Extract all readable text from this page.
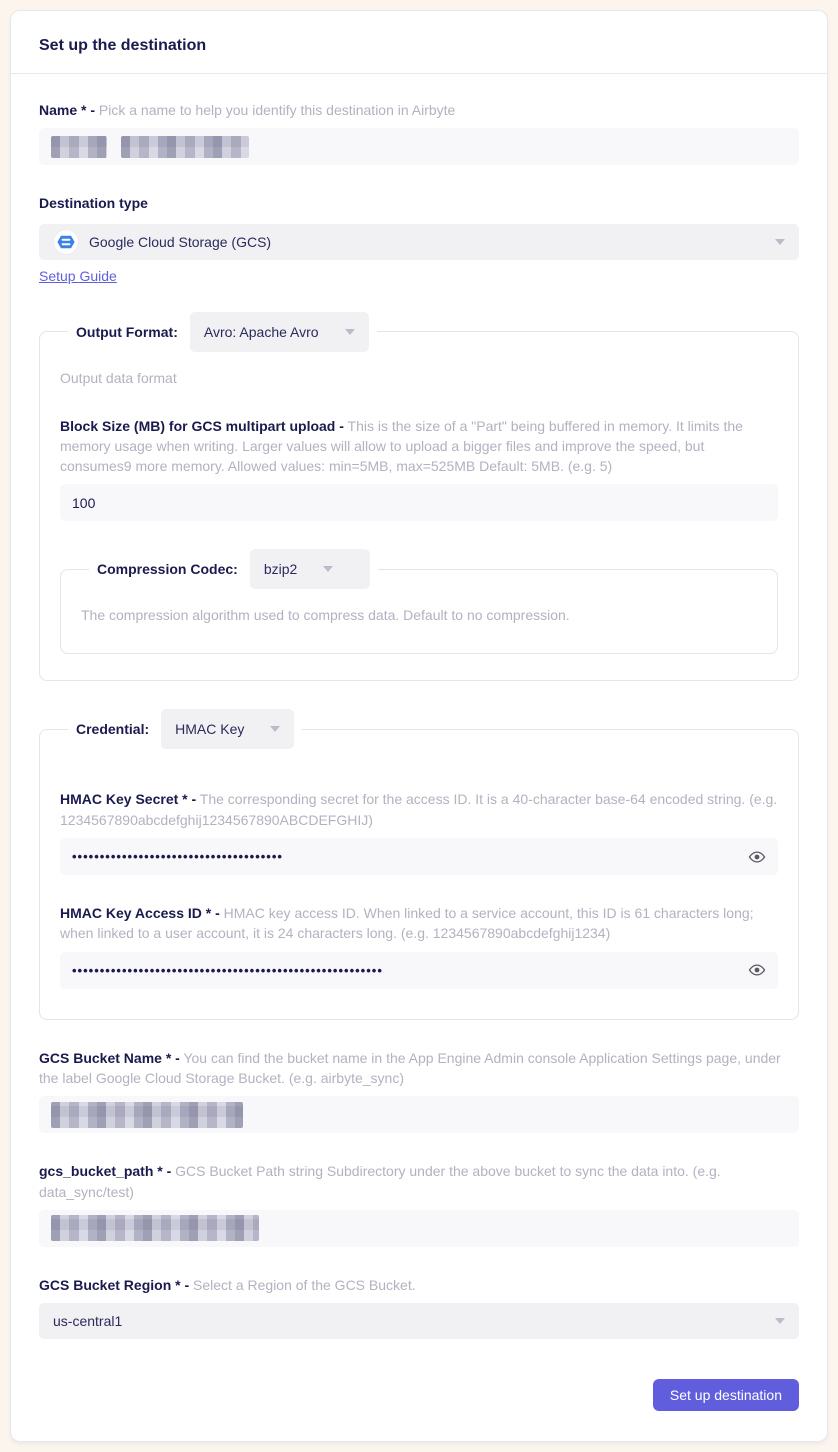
Set up the destination
Name * - Pick a name to help you identify this destination in Airbyte
Destination type
Google Cloud Storage (GCS)
Setup Guide
Output Format: Avro: Apache Avro
Output data format
Block Size (MB) for GCS multipart upload - This is the size of a "Part" being buffered in memory. It limits the memory usage when writing. Larger values will allow to upload a bigger files and improve the speed, but consumes9 more memory. Allowed values: min=5MB, max=525MB Default: 5MB. (e.g. 5)
100
Compression Codec: bzip2
The compression algorithm used to compress data. Default to no compression.
Credential: HMAC Key
HMAC Key Secret * - The corresponding secret for the access ID. It is a 40-character base-64 encoded string. (e.g. 1234567890abcdefghij1234567890ABCDEFGHIJ)
••••••••••••••••••••••••••••••••••••••
HMAC Key Access ID * - HMAC key access ID. When linked to a service account, this ID is 61 characters long; when linked to a user account, it is 24 characters long. (e.g. 1234567890abcdefghij1234)
••••••••••••••••••••••••••••••••••••••••••••••••••••••••
GCS Bucket Name * - You can find the bucket name in the App Engine Admin console Application Settings page, under the label Google Cloud Storage Bucket. (e.g. airbyte_sync)
gcs_bucket_path * - GCS Bucket Path string Subdirectory under the above bucket to sync the data into. (e.g. data_sync/test)
GCS Bucket Region * - Select a Region of the GCS Bucket.
us-central1
Set up destination
